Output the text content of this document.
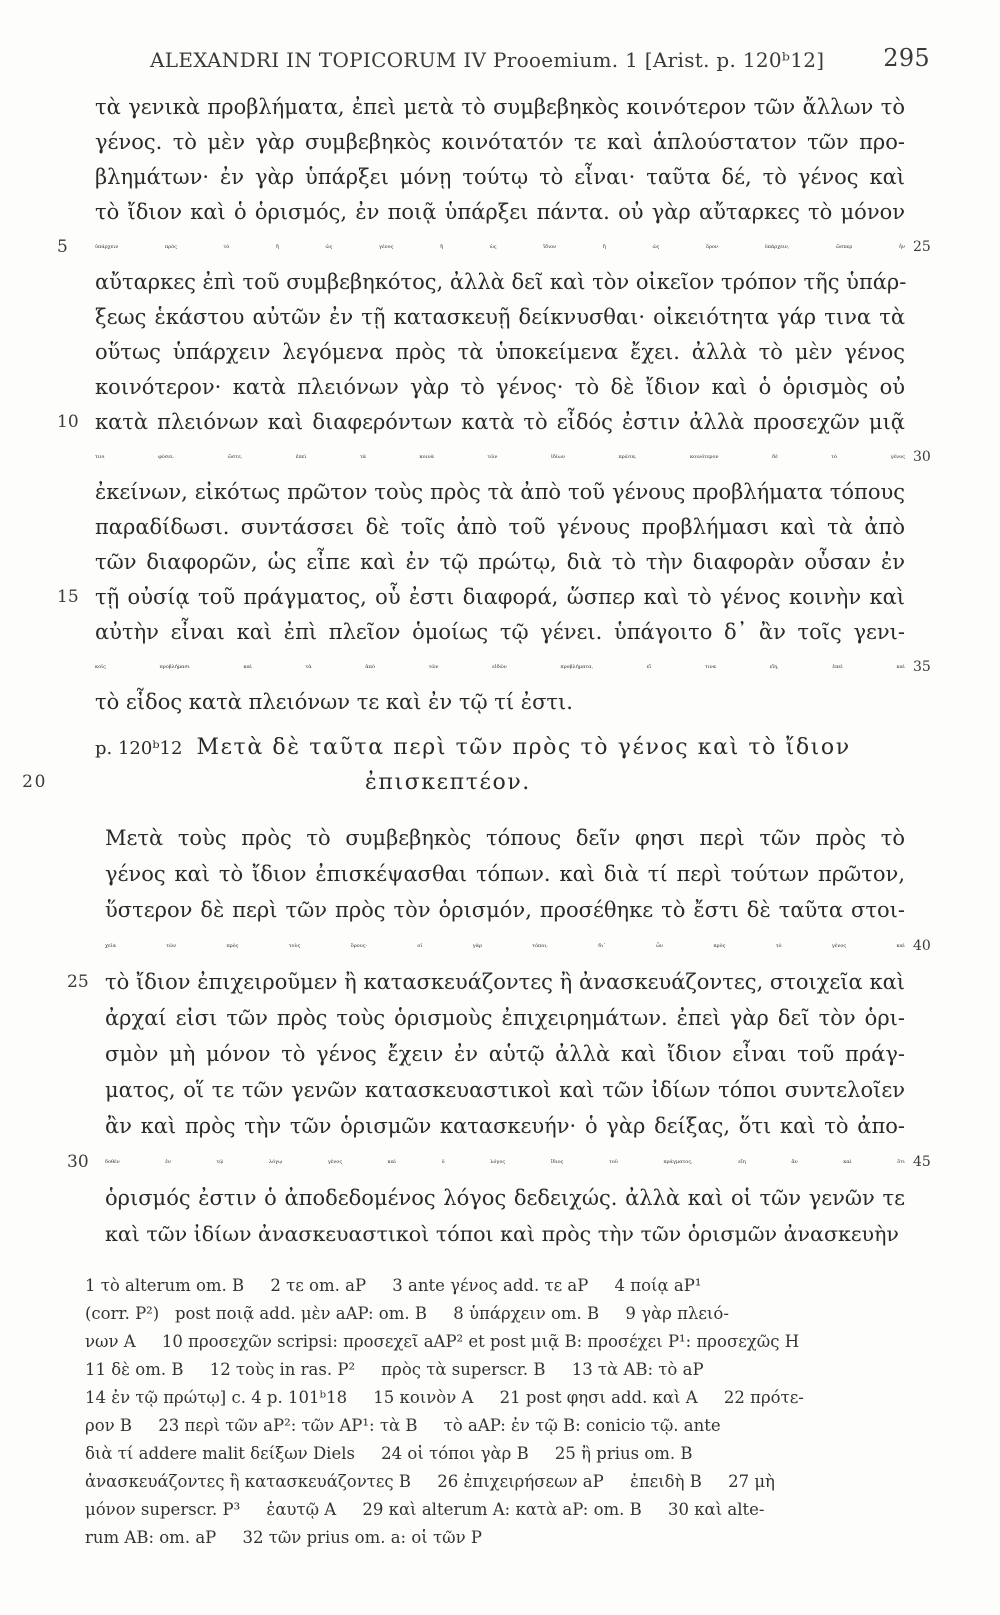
ALEXANDRI IN TOPICORUM IV Prooemium. 1 [Arist. p. 120ᵇ12] 295
τὰ γενικὰ προβλήματα, ἐπεὶ μετὰ τὸ συμβεβηκὸς κοινότερον τῶν ἄλλων τὸ
γένος. τὸ μὲν γὰρ συμβεβηκὸς κοινότατόν τε καὶ ἁπλούστατον τῶν προ-
βλημάτων· ἐν γὰρ ὑπάρξει μόνῃ τούτῳ τὸ εἶναι· ταῦτα δέ, τὸ γένος καὶ
τὸ ἴδιον καὶ ὁ ὁρισμός, ἐν ποιᾷ ὑπάρξει πάντα. οὐ γὰρ αὔταρκες τὸ μόνον
5	ὑπάρχειν πρὸς τὸ ἢ ὡς γένος ἢ ὡς ἴδιον ἢ ὡς ὅρον ὑπάρχειν, ὥσπερ ἦν 25
αὔταρκες ἐπὶ τοῦ συμβεβηκότος, ἀλλὰ δεῖ καὶ τὸν οἰκεῖον τρόπον τῆς ὑπάρ-
ξεως ἑκάστου αὐτῶν ἐν τῇ κατασκευῇ δείκνυσθαι· οἰκειότητα γάρ τινα τὰ
οὕτως ὑπάρχειν λεγόμενα πρὸς τὰ ὑποκείμενα ἔχει. ἀλλὰ τὸ μὲν γένος
κοινότερον· κατὰ πλειόνων γὰρ τὸ γένος· τὸ δὲ ἴδιον καὶ ὁ ὁρισμὸς οὐ
10 κατὰ πλειόνων καὶ διαφερόντων κατὰ τὸ εἶδός ἐστιν ἀλλὰ προσεχῶν μιᾷ
τινι φύσει. ὥστε, ἐπεὶ τὰ κοινὰ τῶν ἰδίων πρῶτα, κοινότερον δὲ τὸ γένος 30
ἐκείνων, εἰκότως πρῶτον τοὺς πρὸς τὰ ἀπὸ τοῦ γένους προβλήματα τόπους
παραδίδωσι. συντάσσει δὲ τοῖς ἀπὸ τοῦ γένους προβλήμασι καὶ τὰ ἀπὸ
τῶν διαφορῶν, ὡς εἶπε καὶ ἐν τῷ πρώτῳ, διὰ τὸ τὴν διαφορὰν οὖσαν ἐν
15 τῇ οὐσίᾳ τοῦ πράγματος, οὗ ἐστι διαφορά, ὥσπερ καὶ τὸ γένος κοινὴν καὶ
αὐτὴν εἶναι καὶ ἐπὶ πλεῖον ὁμοίως τῷ γένει. ὑπάγοιτο δ᾽ ἂν τοῖς γενι-
κοῖς προβλήμασι καὶ τὰ ἀπὸ τῶν εἰδῶν προβλήματα, εἴ τινα εἴη, ἐπεὶ καὶ 35
τὸ εἶδος κατὰ πλειόνων τε καὶ ἐν τῷ τί ἐστι.
p. 120ᵇ12 Μετὰ δὲ ταῦτα περὶ τῶν πρὸς τὸ γένος καὶ τὸ ἴδιον
20	ἐπισκεπτέον.
Μετὰ τοὺς πρὸς τὸ συμβεβηκὸς τόπους δεῖν φησι περὶ τῶν πρὸς τὸ
γένος καὶ τὸ ἴδιον ἐπισκέψασθαι τόπων. καὶ διὰ τί περὶ τούτων πρῶτον,
ὕστερον δὲ περὶ τῶν πρὸς τὸν ὁρισμόν, προσέθηκε τὸ ἔστι δὲ ταῦτα στοι-
χεῖα τῶν πρὸς τοὺς ὅρους· οἱ γὰρ τόποι, δι᾽ ὧν πρὸς τὸ γένος καὶ 40
25 τὸ ἴδιον ἐπιχειροῦμεν ἢ κατασκευάζοντες ἢ ἀνασκευάζοντες, στοιχεῖα καὶ
ἀρχαί εἰσι τῶν πρὸς τοὺς ὁρισμοὺς ἐπιχειρημάτων. ἐπεὶ γὰρ δεῖ τὸν ὁρι-
σμὸν μὴ μόνον τὸ γένος ἔχειν ἐν αὑτῷ ἀλλὰ καὶ ἴδιον εἶναι τοῦ πράγ-
ματος, οἵ τε τῶν γενῶν κατασκευαστικοὶ καὶ τῶν ἰδίων τόποι συντελοῖεν
ἂν καὶ πρὸς τὴν τῶν ὁρισμῶν κατασκευήν· ὁ γὰρ δείξας, ὅτι καὶ τὸ ἀπο-
30	δοθὲν ἐν τῷ λόγῳ γένος καὶ ὁ λόγος ἴδιος τοῦ πράγματος, εἴη ἂν καὶ ὅτι 45
ὁρισμός ἐστιν ὁ ἀποδεδομένος λόγος δεδειχώς. ἀλλὰ καὶ οἱ τῶν γενῶν τε
καὶ τῶν ἰδίων ἀνασκευαστικοὶ τόποι καὶ πρὸς τὴν τῶν ὁρισμῶν ἀνασκευὴν
1 τὸ alterum om. B     2 τε om. aP     3 ante γένος add. τε aP     4 ποίᾳ aP¹
(corr. P²)   post ποιᾷ add. μὲν aAP: om. B     8 ὑπάρχειν om. B     9 γὰρ πλειό-
νων A     10 προσεχῶν scripsi: προσεχεῖ aAP² et post μιᾷ B: προσέχει P¹: προσεχῶς H
11 δὲ om. B     12 τοὺς in ras. P²     πρὸς τὰ superscr. B     13 τὰ AB: τὸ aP
14 ἐν τῷ πρώτῳ] c. 4 p. 101ᵇ18     15 κοινὸν A     21 post φησι add. καὶ A     22 πρότε-
ρον B     23 περὶ τῶν aP²: τῶν AP¹: τὰ B     τὸ aAP: ἐν τῷ B: conicio τῷ. ante
διὰ τί addere malit δείξων Diels     24 οἱ τόποι γὰρ B     25 ἢ prius om. B
ἀνασκευάζοντες ἢ κατασκευάζοντες B     26 ἐπιχειρήσεων aP     ἐπειδὴ B     27 μὴ
μόνον superscr. P³     ἑαυτῷ A     29 καὶ alterum A: κατὰ aP: om. B     30 καὶ alte-
rum AB: om. aP     32 τῶν prius om. a: οἱ τῶν P
